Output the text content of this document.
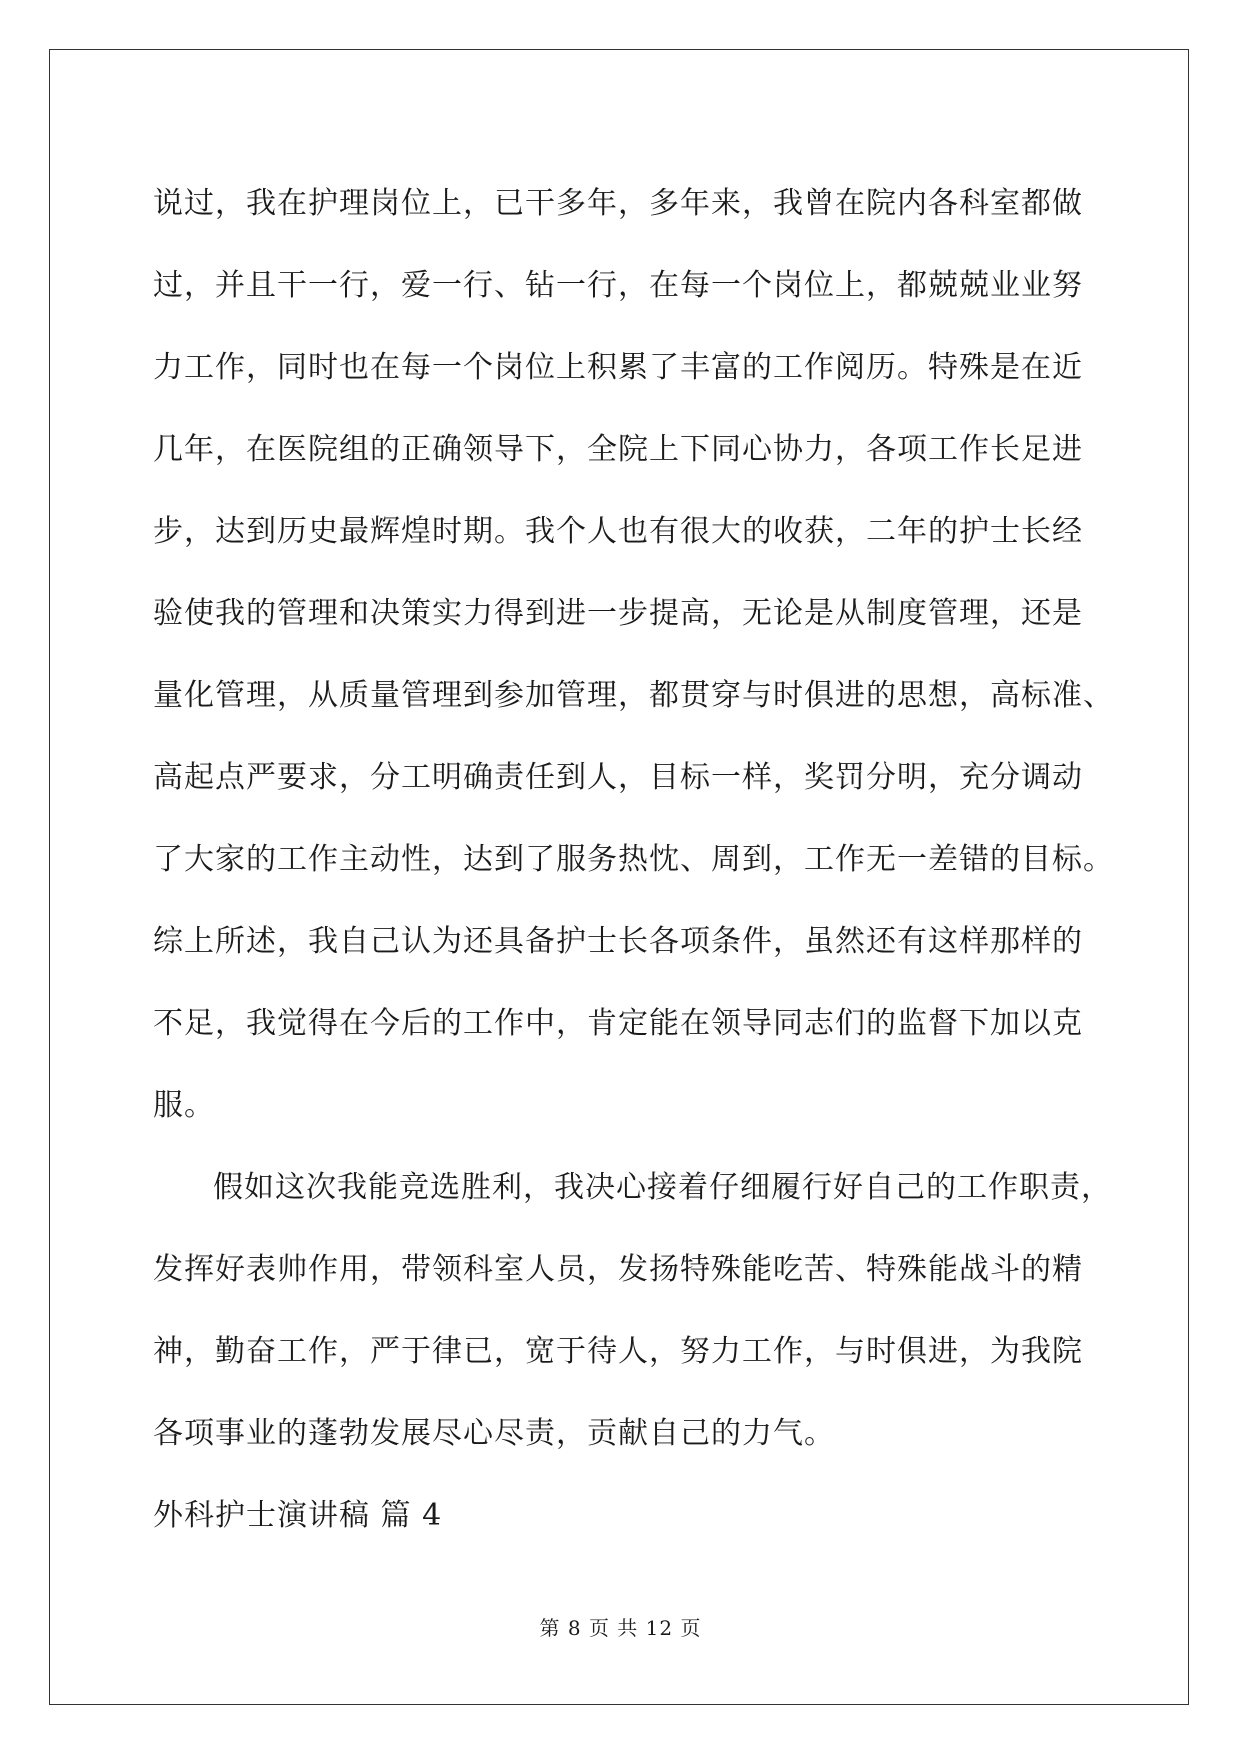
说过，我在护理岗位上，已干多年，多年来，我曾在院内各科室都做
过，并且干一行，爱一行、钻一行，在每一个岗位上，都兢兢业业努
力工作，同时也在每一个岗位上积累了丰富的工作阅历。特殊是在近
几年，在医院组的正确领导下，全院上下同心协力，各项工作长足进
步，达到历史最辉煌时期。我个人也有很大的收获，二年的护士长经
验使我的管理和决策实力得到进一步提高，无论是从制度管理，还是
量化管理，从质量管理到参加管理，都贯穿与时俱进的思想，高标准、
高起点严要求，分工明确责任到人，目标一样，奖罚分明，充分调动
了大家的工作主动性，达到了服务热忱、周到，工作无一差错的目标。
综上所述，我自己认为还具备护士长各项条件，虽然还有这样那样的
不足，我觉得在今后的工作中，肯定能在领导同志们的监督下加以克
服。
假如这次我能竞选胜利，我决心接着仔细履行好自己的工作职责，
发挥好表帅作用，带领科室人员，发扬特殊能吃苦、特殊能战斗的精
神，勤奋工作，严于律已，宽于待人，努力工作，与时俱进，为我院
各项事业的蓬勃发展尽心尽责，贡献自己的力气。
外科护士演讲稿 篇 4
第 8 页 共 12 页
